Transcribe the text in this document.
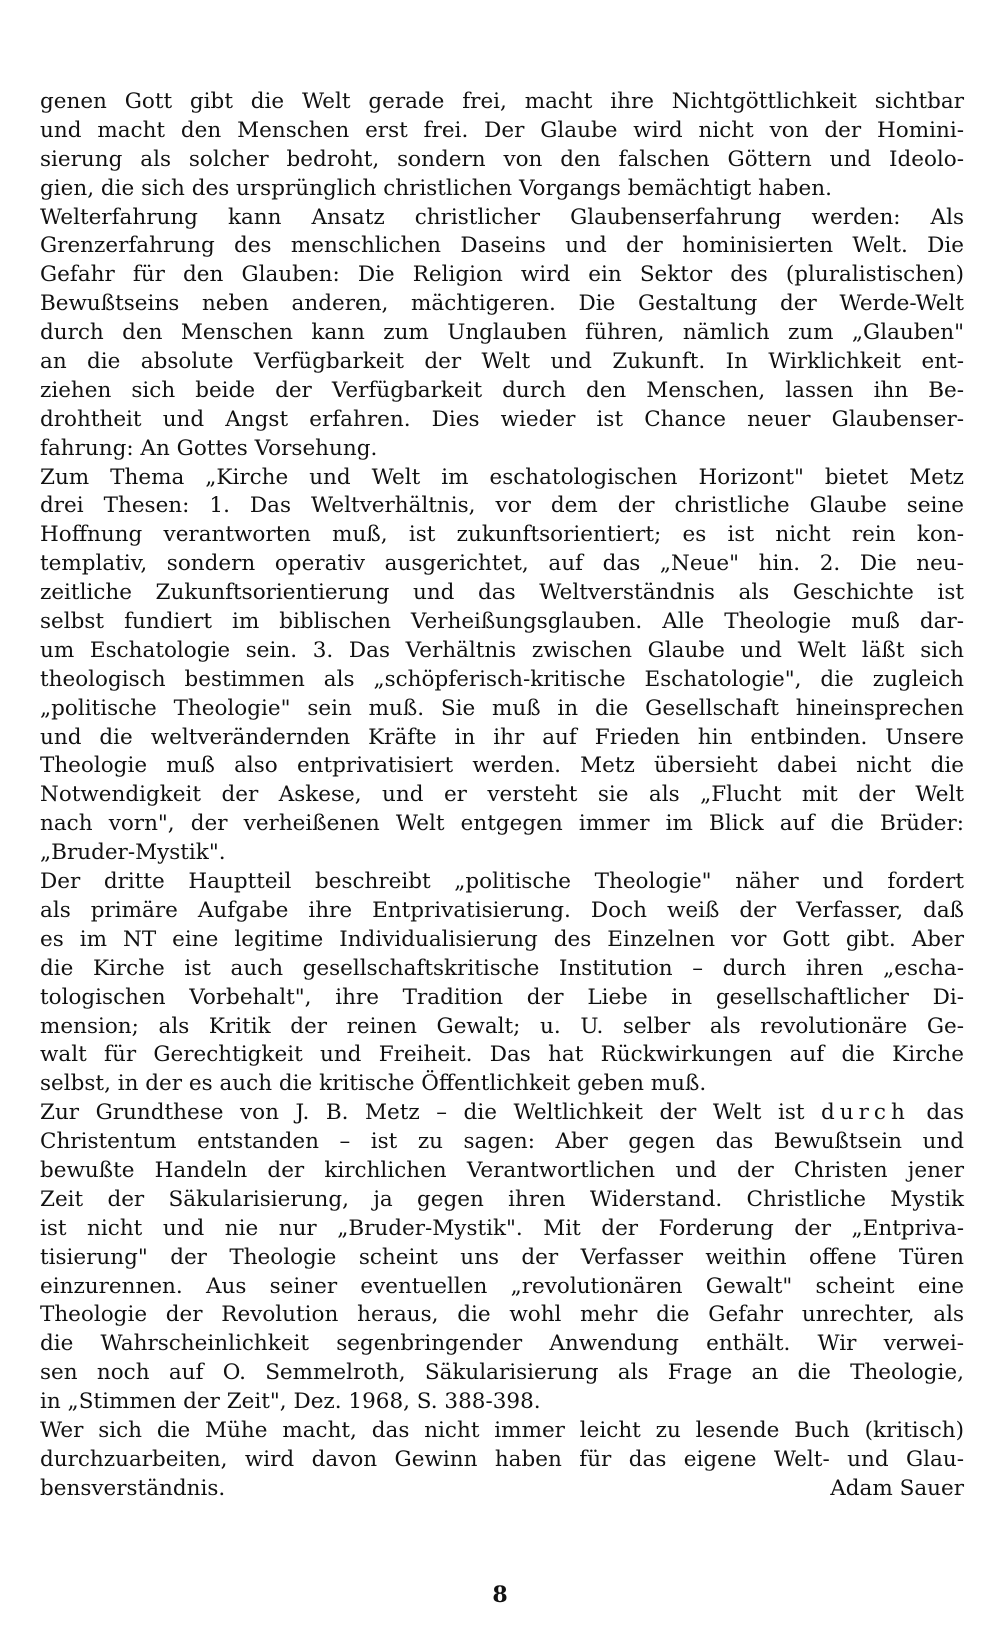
genen Gott gibt die Welt gerade frei, macht ihre Nichtgöttlichkeit sichtbar
und macht den Menschen erst frei. Der Glaube wird nicht von der Homini-
sierung als solcher bedroht, sondern von den falschen Göttern und Ideolo-
gien, die sich des ursprünglich christlichen Vorgangs bemächtigt haben.
Welterfahrung kann Ansatz christlicher Glaubenserfahrung werden: Als
Grenzerfahrung des menschlichen Daseins und der hominisierten Welt. Die
Gefahr für den Glauben: Die Religion wird ein Sektor des (pluralistischen)
Bewußtseins neben anderen, mächtigeren. Die Gestaltung der Werde-Welt
durch den Menschen kann zum Unglauben führen, nämlich zum „Glauben"
an die absolute Verfügbarkeit der Welt und Zukunft. In Wirklichkeit ent-
ziehen sich beide der Verfügbarkeit durch den Menschen, lassen ihn Be-
drohtheit und Angst erfahren. Dies wieder ist Chance neuer Glaubenser-
fahrung: An Gottes Vorsehung.
Zum Thema „Kirche und Welt im eschatologischen Horizont" bietet Metz
drei Thesen: 1. Das Weltverhältnis, vor dem der christliche Glaube seine
Hoffnung verantworten muß, ist zukunftsorientiert; es ist nicht rein kon-
templativ, sondern operativ ausgerichtet, auf das „Neue" hin. 2. Die neu-
zeitliche Zukunftsorientierung und das Weltverständnis als Geschichte ist
selbst fundiert im biblischen Verheißungsglauben. Alle Theologie muß dar-
um Eschatologie sein. 3. Das Verhältnis zwischen Glaube und Welt läßt sich
theologisch bestimmen als „schöpferisch-kritische Eschatologie", die zugleich
„politische Theologie" sein muß. Sie muß in die Gesellschaft hineinsprechen
und die weltverändernden Kräfte in ihr auf Frieden hin entbinden. Unsere
Theologie muß also entprivatisiert werden. Metz übersieht dabei nicht die
Notwendigkeit der Askese, und er versteht sie als „Flucht mit der Welt
nach vorn", der verheißenen Welt entgegen immer im Blick auf die Brüder:
„Bruder-Mystik".
Der dritte Hauptteil beschreibt „politische Theologie" näher und fordert
als primäre Aufgabe ihre Entprivatisierung. Doch weiß der Verfasser, daß
es im NT eine legitime Individualisierung des Einzelnen vor Gott gibt. Aber
die Kirche ist auch gesellschaftskritische Institution – durch ihren „escha-
tologischen Vorbehalt", ihre Tradition der Liebe in gesellschaftlicher Di-
mension; als Kritik der reinen Gewalt; u. U. selber als revolutionäre Ge-
walt für Gerechtigkeit und Freiheit. Das hat Rückwirkungen auf die Kirche
selbst, in der es auch die kritische Öffentlichkeit geben muß.
Zur Grundthese von J. B. Metz – die Weltlichkeit der Welt ist durch das
Christentum entstanden – ist zu sagen: Aber gegen das Bewußtsein und
bewußte Handeln der kirchlichen Verantwortlichen und der Christen jener
Zeit der Säkularisierung, ja gegen ihren Widerstand. Christliche Mystik
ist nicht und nie nur „Bruder-Mystik". Mit der Forderung der „Entpriva-
tisierung" der Theologie scheint uns der Verfasser weithin offene Türen
einzurennen. Aus seiner eventuellen „revolutionären Gewalt" scheint eine
Theologie der Revolution heraus, die wohl mehr die Gefahr unrechter, als
die Wahrscheinlichkeit segenbringender Anwendung enthält. Wir verwei-
sen noch auf O. Semmelroth, Säkularisierung als Frage an die Theologie,
in „Stimmen der Zeit", Dez. 1968, S. 388-398.
Wer sich die Mühe macht, das nicht immer leicht zu lesende Buch (kritisch)
durchzuarbeiten, wird davon Gewinn haben für das eigene Welt- und Glau-
bensverständnis.	Adam Sauer
8
